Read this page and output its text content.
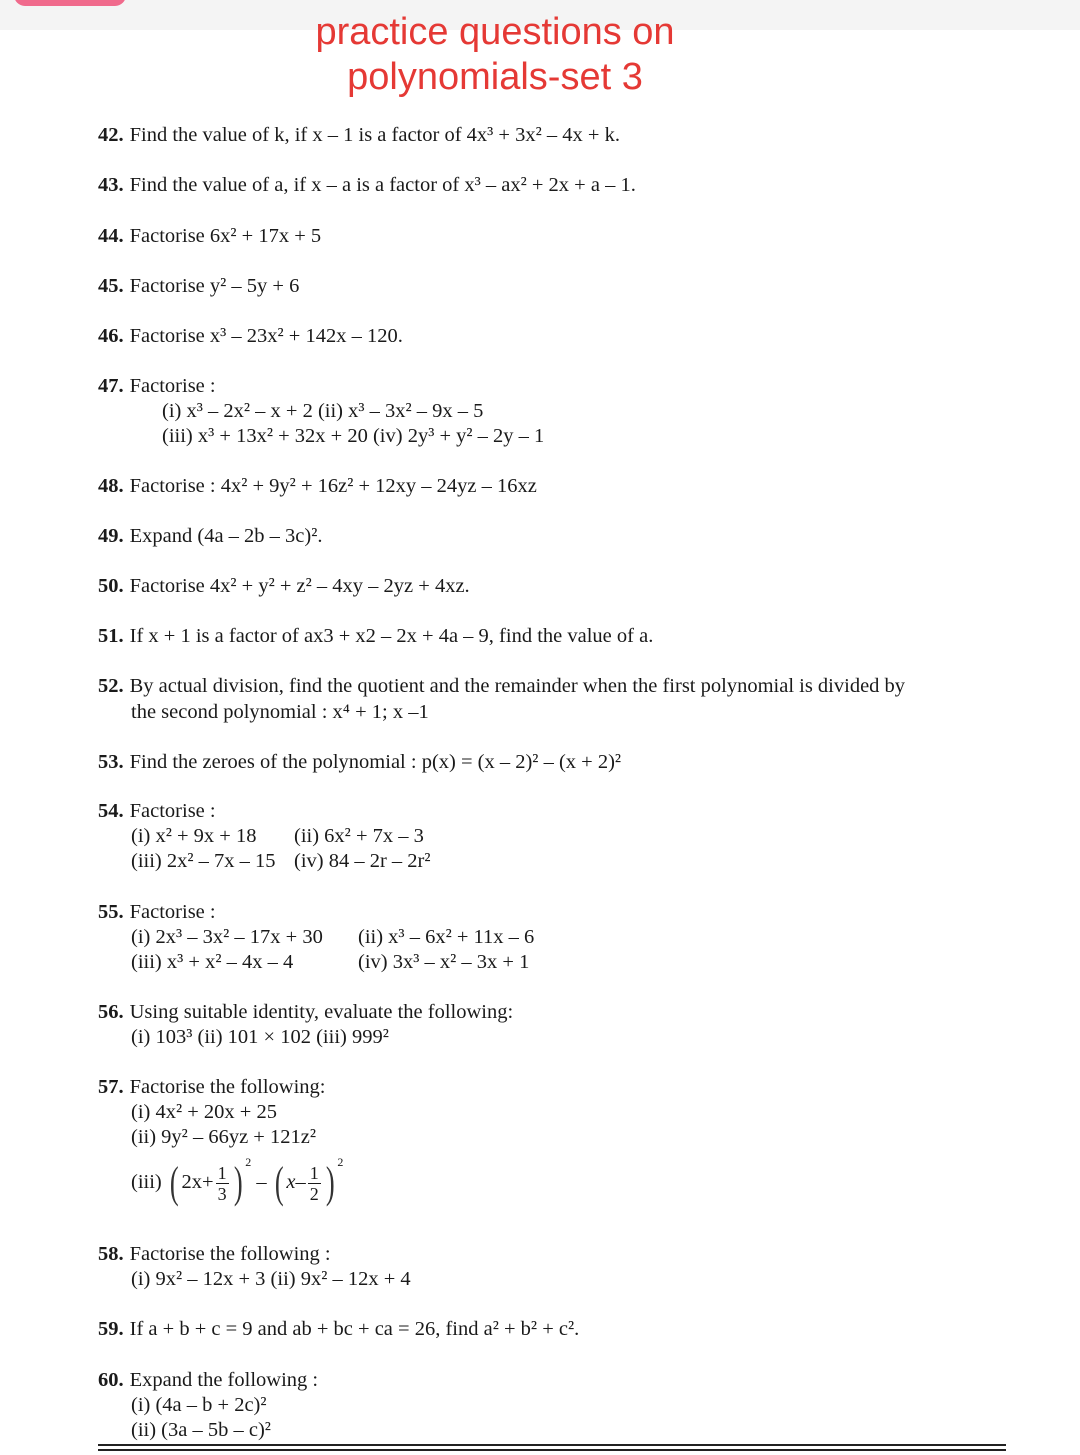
practice questions on
polynomials-set 3
42. Find the value of k, if x – 1 is a factor of 4x³ + 3x² – 4x + k.
43. Find the value of a, if x – a is a factor of x³ – ax² + 2x + a – 1.
44. Factorise 6x² + 17x + 5
45. Factorise y² – 5y + 6
46. Factorise x³ – 23x² + 142x – 120.
47. Factorise :
(i) x³ – 2x² – x + 2 (ii) x³ – 3x² – 9x – 5
(iii) x³ + 13x² + 32x + 20 (iv) 2y³ + y² – 2y – 1
48. Factorise : 4x² + 9y² + 16z² + 12xy – 24yz – 16xz
49. Expand (4a – 2b – 3c)².
50. Factorise 4x² + y² + z² – 4xy – 2yz + 4xz.
51. If x + 1 is a factor of ax3 + x2 – 2x + 4a – 9, find the value of a.
52. By actual division, find the quotient and the remainder when the first polynomial is divided by
the second polynomial : x⁴ + 1; x –1
53. Find the zeroes of the polynomial : p(x) = (x – 2)² – (x + 2)²
54. Factorise :
(i) x² + 9x + 18 (ii) 6x² + 7x – 3
(iii) 2x² – 7x – 15 (iv) 84 – 2r – 2r²
55. Factorise :
(i) 2x³ – 3x² – 17x + 30 (ii) x³ – 6x² + 11x – 6
(iii) x³ + x² – 4x – 4	(iv) 3x³ – x² – 3x + 1
56. Using suitable identity, evaluate the following:
(i) 103³ (ii) 101 × 102 (iii) 999²
57. Factorise the following:
(i) 4x² + 20x + 25
(ii) 9y² – 66yz + 121z²
(iii) ( $2x+ \frac{1}{3}$ ) $^2$ – ( $x- \frac{1}{2}$ ) $^2$
58. Factorise the following :
(i) 9x² – 12x + 3 (ii) 9x² – 12x + 4
59. If a + b + c = 9 and ab + bc + ca = 26, find a² + b² + c².
60. Expand the following :
(i) (4a – b + 2c)²
(ii) (3a – 5b – c)²
